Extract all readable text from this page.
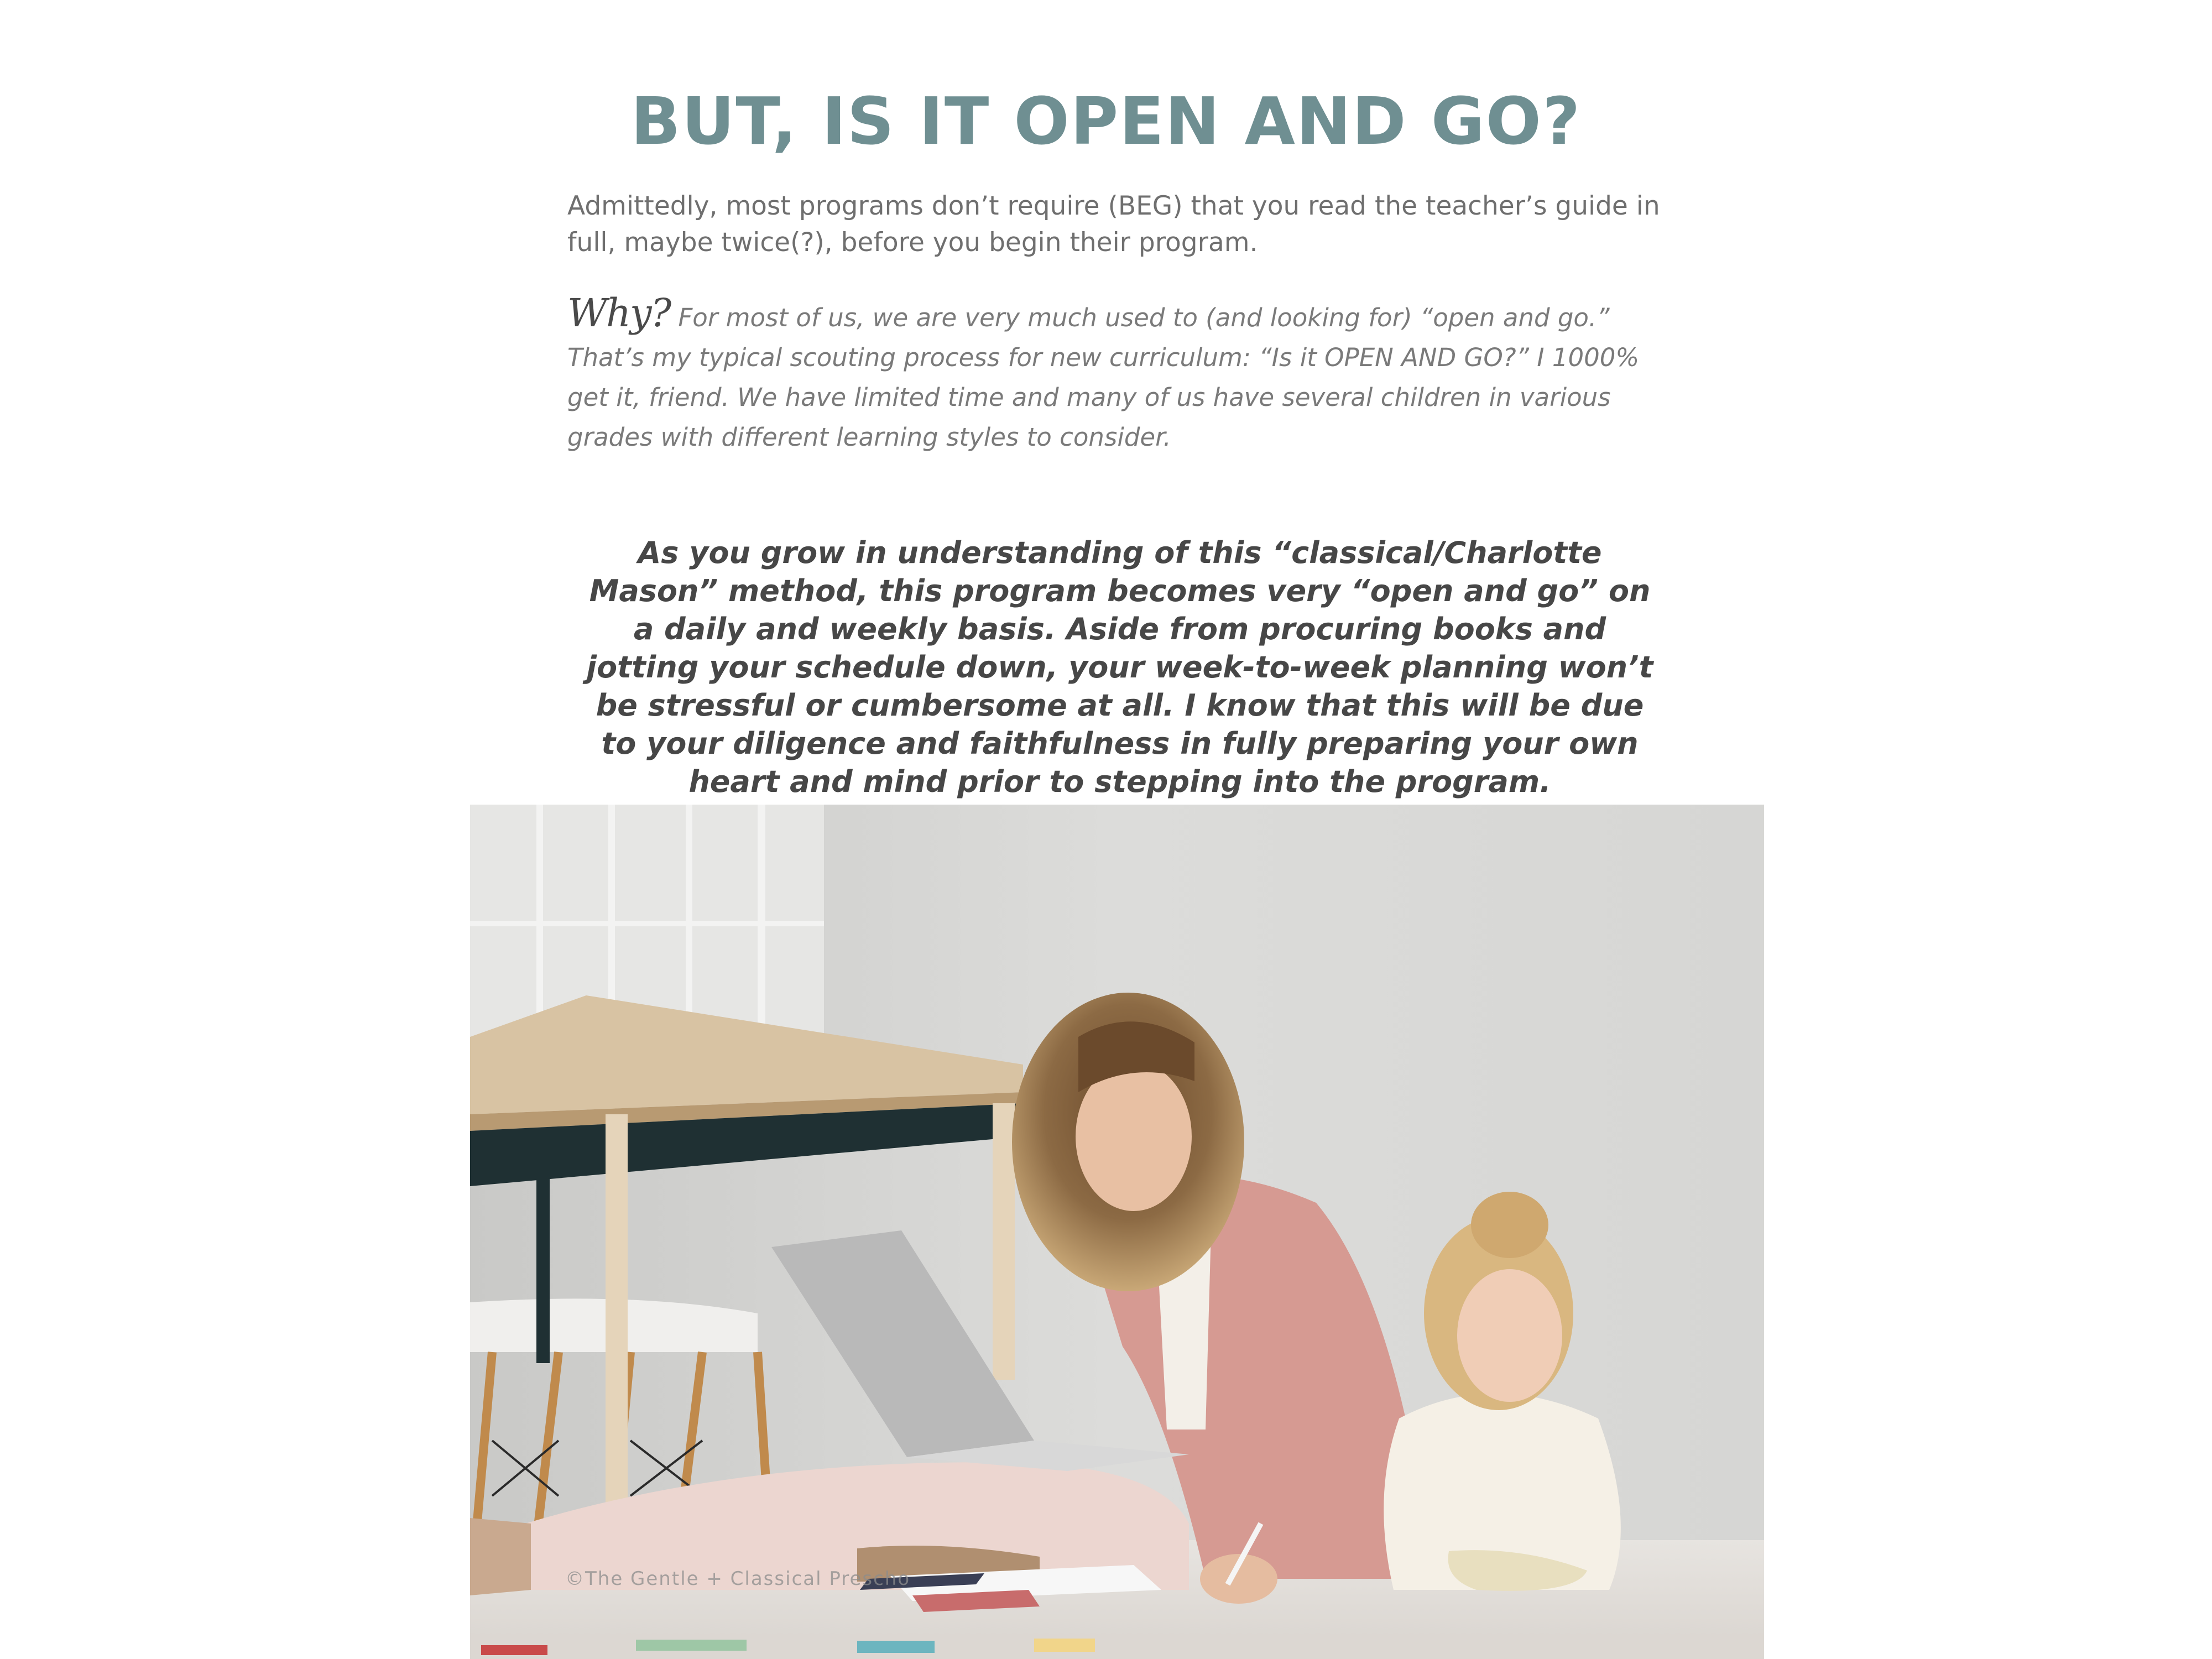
BUT, IS IT OPEN AND GO?

Admittedly, most programs don’t require (BEG) that you read the teacher’s guide in full, maybe twice(?), before you begin their program.

Why? For most of us, we are very much used to (and looking for) “open and go.” That’s my typical scouting process for new curriculum: “Is it OPEN AND GO?” I 1000% get it, friend. We have limited time and many of us have several children in various grades with different learning styles to consider.

As you grow in understanding of this “classical/Charlotte Mason” method, this program becomes very “open and go” on a daily and weekly basis. Aside from procuring books and jotting your schedule down, your week-to-week planning won’t be stressful or cumbersome at all. I know that this will be due to your diligence and faithfulness in fully preparing your own heart and mind prior to stepping into the program.

©The Gentle + Classical Prescho
